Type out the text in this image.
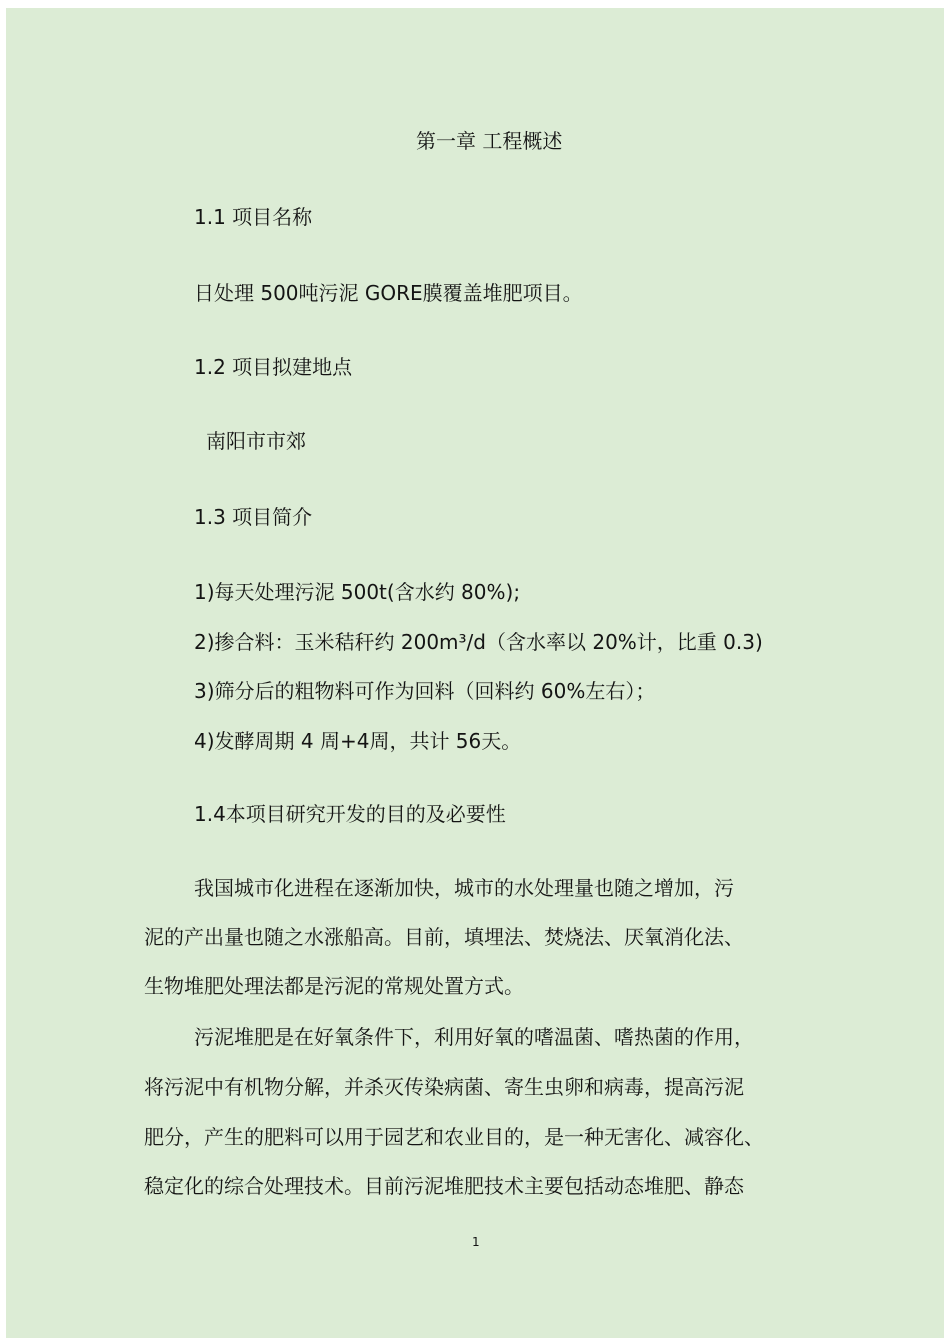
第一章 工程概述
1.1 项目名称
日处理 500吨污泥 GORE膜覆盖堆肥项目。
1.2 项目拟建地点
南阳市市郊
1.3 项目简介
1)每天处理污泥 500t(含水约 80%);
2)掺合料：玉米秸秆约 200m³/d（含水率以 20%计，比重 0.3)
3)筛分后的粗物料可作为回料（回料约 60%左右）；
4)发酵周期 4 周+4周，共计 56天。
1.4本项目研究开发的目的及必要性
我国城市化进程在逐渐加快，城市的水处理量也随之增加，污
泥的产出量也随之水涨船高。目前，填埋法、焚烧法、厌氧消化法、
生物堆肥处理法都是污泥的常规处置方式。
污泥堆肥是在好氧条件下，利用好氧的嗜温菌、嗜热菌的作用，
将污泥中有机物分解，并杀灭传染病菌、寄生虫卵和病毒，提高污泥
肥分，产生的肥料可以用于园艺和农业目的，是一种无害化、减容化、
稳定化的综合处理技术。目前污泥堆肥技术主要包括动态堆肥、静态
1
